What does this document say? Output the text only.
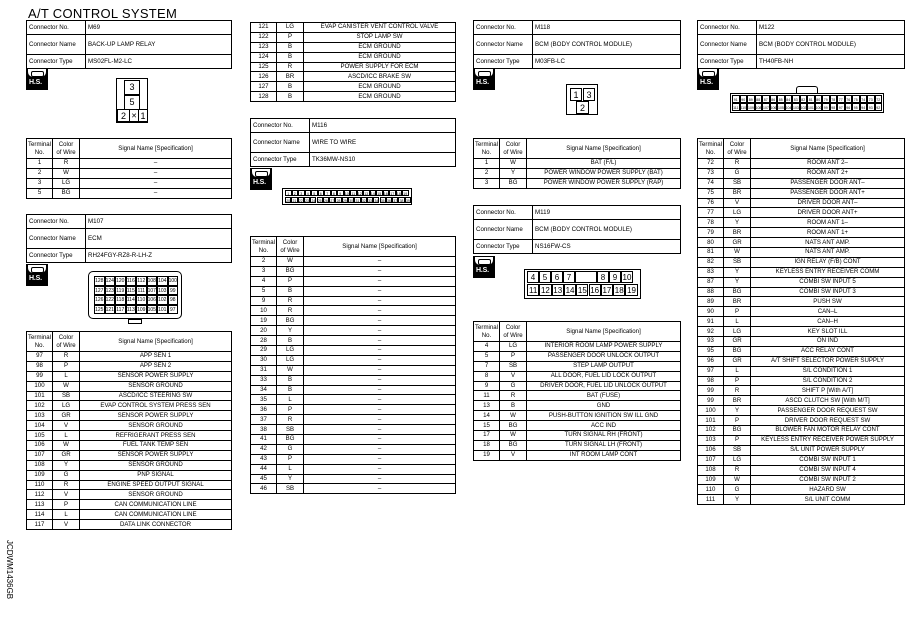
A/T CONTROL SYSTEM
JCDWM1436GB
Connector No.	M69
Connector Name	BACK-UP LAMP RELAY
Connector Type	MS02FL-M2-LC
H.S.	3
5
2 ✕ 1
Terminal
No.	Color
of Wire	Signal Name [Specification]
1	R	–
2	W	–
3	LG	–
5	BG	–
Connector No.	M107
Connector Name	ECM
Connector Type	RH24FGY-RZ8-R-LH-Z
H.S.	128 124 120 116 112 108 104 100
127 123 119 115 111 107 103 99
126 122 118 114 110 106 102 98
125 121 117 113 109 105 101 97
Terminal
No.	Color
of Wire	Signal Name [Specification]
97	R	APP SEN 1
98	P	APP SEN 2
99	L	SENSOR POWER SUPPLY
100	W	SENSOR GROUND
101	SB	ASCD/ICC STEERING SW
102	LG	EVAP CONTROL SYSTEM PRESS SEN
103	GR	SENSOR POWER SUPPLY
104	V	SENSOR GROUND
105	L	REFRIGERANT PRESS SEN
106	W	FUEL TANK TEMP SEN
107	GR	SENSOR POWER SUPPLY
108	Y	SENSOR GROUND
109	G	PNP SIGNAL
110	R	ENGINE SPEED OUTPUT SIGNAL
112	V	SENSOR GROUND
113	P	CAN COMMUNICATION LINE
114	L	CAN COMMUNICATION LINE
117	V	DATA LINK CONNECTOR
121	LG	EVAP CANISTER VENT CONTROL VALVE
122	P	STOP LAMP SW
123	B	ECM GROUND
124	B	ECM GROUND
125	R	POWER SUPPLY FOR ECM
126	BR	ASCD/ICC BRAKE SW
127	B	ECM GROUND
128	B	ECM GROUND
Connector No.	M116
Connector Name	WIRE TO WIRE
Connector Type	TK36MW-NS10
H.S.
1	2	3	4	5	6	7	8	9 10 11 12 13 14 15 16 17 18 19
20 21 22 23 24 25 26 27 28 29 30 31 32 33 34 35 36 37 38 39
Terminal
No.	Color
of Wire	Signal Name [Specification]
2	W	–
3	BG	–
4	P	–
5	B	–
9	R	–
10	R	–
19	BG	–
20	Y	–
28	B	–
29	LG	–
30	LG	–
31	W	–
33	B	–
34	B	–
35	L	–
36	P	–
37	R	–
38	SB	–
41	BG	–
42	G	–
43	P	–
44	L	–
45	Y	–
46	SB	–
Connector No.	M118
Connector Name	BCM (BODY CONTROL MODULE)
Connector Type	M03FB-LC
H.S.
1 3
2
Terminal
No.	Color
of Wire	Signal Name [Specification]
1	W	BAT (F/L)
2	Y	POWER WINDOW POWER SUPPLY (BAT)
3	BG	POWER WINDOW POWER SUPPLY (RAP)
Connector No.	M119
Connector Name	BCM (BODY CONTROL MODULE)
Connector Type	NS16FW-CS
H.S.
4 5 6 7	8 9 10
11 12 13 14 15 16 17 18 19
Terminal
No.	Color
of Wire	Signal Name [Specification]
4	LG	INTERIOR ROOM LAMP POWER SUPPLY
5	P	PASSENGER DOOR UNLOCK OUTPUT
7	SB	STEP LAMP OUTPUT
8	V	ALL DOOR, FUEL LID LOCK OUTPUT
9	G	DRIVER DOOR, FUEL LID UNLOCK OUTPUT
11	R	BAT (FUSE)
13	B	GND
14	W	PUSH-BUTTON IGNITION SW ILL GND
15	BG	ACC IND
17	W	TURN SIGNAL RH (FRONT)
18	BG	TURN SIGNAL LH (FRONT)
19	V	INT ROOM LAMP CONT
Connector No.	M122
Connector Name	BCM (BODY CONTROL MODULE)
Connector Type	TH40FB-NH
H.S.
91	90	89	88	87	86	85	84	83	82	81	80	79	78	77	76	75	74	73	72
111 110 109 108 107 106 105 104 103 102 101 100 99	98	97	96	95	94	93	92
Terminal
No.	Color
of Wire	Signal Name [Specification]
72	R	ROOM ANT 2–
73	G	ROOM ANT 2+
74	SB	PASSENGER DOOR ANT–
75	BR	PASSENGER DOOR ANT+
76	V	DRIVER DOOR ANT–
77	LG	DRIVER DOOR ANT+
78	Y	ROOM ANT 1–
79	BR	ROOM ANT 1+
80	GR	NATS ANT AMP.
81	W	NATS ANT AMP.
82	SB	IGN RELAY (F/B) CONT
83	Y	KEYLESS ENTRY RECEIVER COMM
87	Y	COMBI SW INPUT 5
88	BG	COMBI SW INPUT 3
89	BR	PUSH SW
90	P	CAN–L
91	L	CAN–H
92	LG	KEY SLOT ILL
93	GR	ON IND
95	BG	ACC RELAY CONT
96	GR	A/T SHIFT SELECTOR POWER SUPPLY
97	L	S/L CONDITION 1
98	P	S/L CONDITION 2
99	R	SHIFT P [With A/T]
99	BR	ASCD CLUTCH SW [With M/T]
100	Y	PASSENGER DOOR REQUEST SW
101	P	DRIVER DOOR REQUEST SW
102	BG	BLOWER FAN MOTOR RELAY CONT
103	P	KEYLESS ENTRY RECEIVER POWER SUPPLY
106	SB	S/L UNIT POWER SUPPLY
107	LG	COMBI SW INPUT 1
108	R	COMBI SW INPUT 4
109	W	COMBI SW INPUT 2
110	G	HAZARD SW
111	Y	S/L UNIT COMM
